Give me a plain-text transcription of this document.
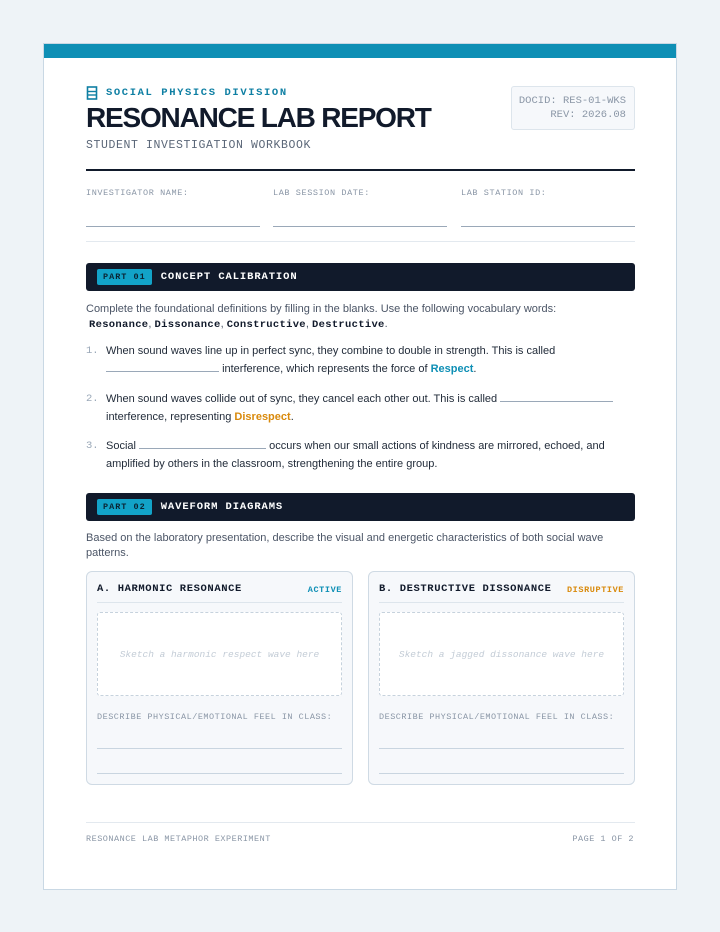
SOCIAL PHYSICS DIVISION
RESONANCE LAB REPORT
STUDENT INVESTIGATION WORKBOOK
DOCID: RES-01-WKS
REV: 2026.08
INVESTIGATOR NAME:	LAB SESSION DATE:	LAB STATION ID:
PART 01	CONCEPT CALIBRATION
Complete the foundational definitions by filling in the blanks. Use the following vocabulary words:
Resonance, Dissonance, Constructive, Destructive.
1. When sound waves line up in perfect sync, they combine to double in strength. This is called
interference, which represents the force of Respect.
2. When sound waves collide out of sync, they cancel each other out. This is called
interference, representing Disrespect.
3. Social	occurs when our small actions of kindness are mirrored, echoed, and amplified by others in the classroom, strengthening the entire group.
PART 02	WAVEFORM DIAGRAMS
Based on the laboratory presentation, describe the visual and energetic characteristics of both social wave patterns.
A. HARMONIC RESONANCE	ACTIVE
Sketch a harmonic respect wave here
DESCRIBE PHYSICAL/EMOTIONAL FEEL IN CLASS:
B. DESTRUCTIVE DISSONANCE DISRUPTIVE
Sketch a jagged dissonance wave here
DESCRIBE PHYSICAL/EMOTIONAL FEEL IN CLASS:
RESONANCE LAB METAPHOR EXPERIMENT	PAGE 1 OF 2
